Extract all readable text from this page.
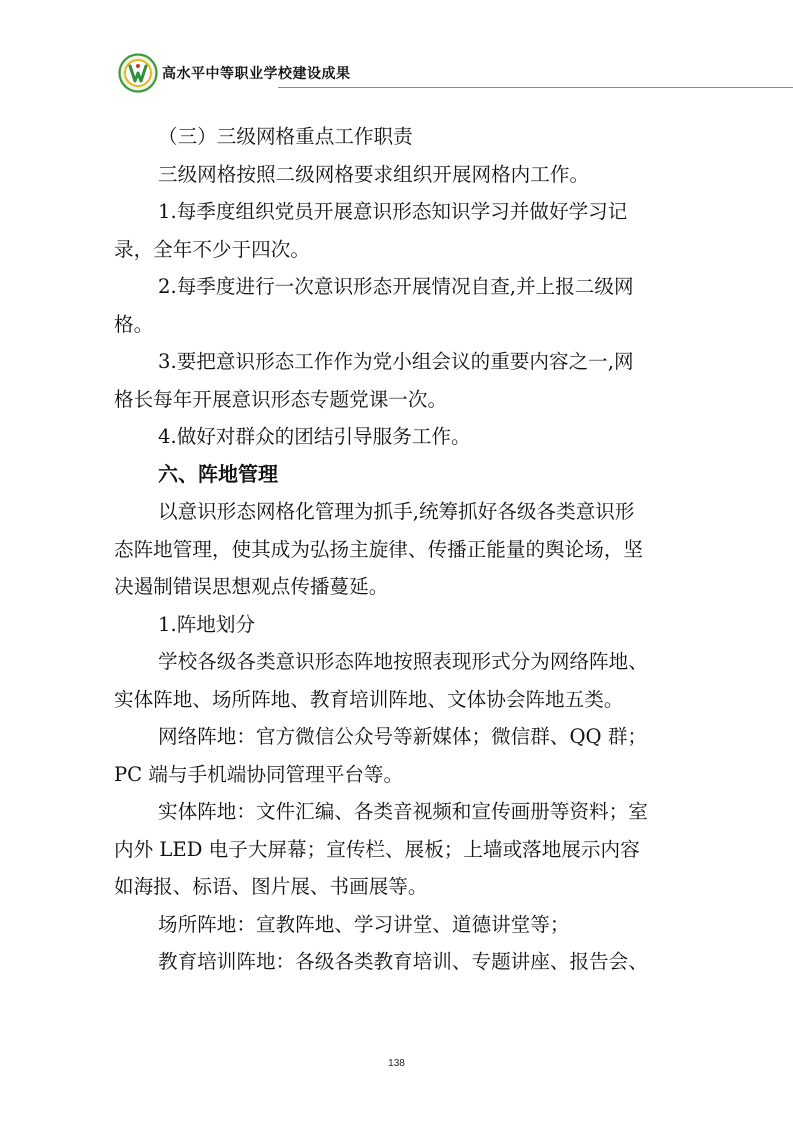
高水平中等职业学校建设成果

（三）三级网格重点工作职责

三级网格按照二级网格要求组织开展网格内工作。

1.每季度组织党员开展意识形态知识学习并做好学习记

录，全年不少于四次。

2.每季度进行一次意识形态开展情况自查,并上报二级网

格。

3.要把意识形态工作作为党小组会议的重要内容之一,网

格长每年开展意识形态专题党课一次。

4.做好对群众的团结引导服务工作。

六、阵地管理

以意识形态网格化管理为抓手,统筹抓好各级各类意识形

态阵地管理，使其成为弘扬主旋律、传播正能量的舆论场，坚

决遏制错误思想观点传播蔓延。

1.阵地划分

学校各级各类意识形态阵地按照表现形式分为网络阵地、

实体阵地、场所阵地、教育培训阵地、文体协会阵地五类。

网络阵地：官方微信公众号等新媒体；微信群、QQ 群；

PC 端与手机端协同管理平台等。

实体阵地：文件汇编、各类音视频和宣传画册等资料；室

内外 LED 电子大屏幕；宣传栏、展板；上墙或落地展示内容

如海报、标语、图片展、书画展等。

场所阵地：宣教阵地、学习讲堂、道德讲堂等；

教育培训阵地：各级各类教育培训、专题讲座、报告会、

138
